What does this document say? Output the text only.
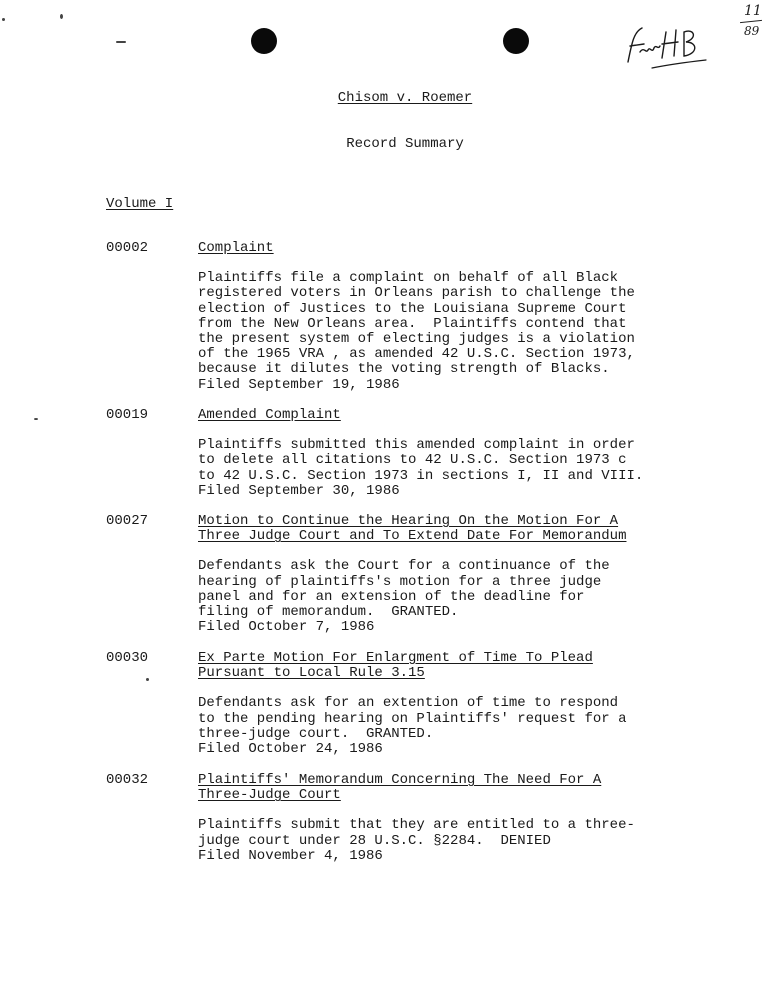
11
89
Chisom v. Roemer
Record Summary
Volume I
00002	Complaint
Plaintiffs file a complaint on behalf of all Black
registered voters in Orleans parish to challenge the
election of Justices to the Louisiana Supreme Court
from the New Orleans area.  Plaintiffs contend that
the present system of electing judges is a violation
of the 1965 VRA , as amended 42 U.S.C. Section 1973,
because it dilutes the voting strength of Blacks.
Filed September 19, 1986
00019	Amended Complaint
Plaintiffs submitted this amended complaint in order
to delete all citations to 42 U.S.C. Section 1973 c
to 42 U.S.C. Section 1973 in sections I, II and VIII.
Filed September 30, 1986
00027	Motion to Continue the Hearing On the Motion For A
Three Judge Court and To Extend Date For Memorandum
Defendants ask the Court for a continuance of the
hearing of plaintiffs's motion for a three judge
panel and for an extension of the deadline for
filing of memorandum.  GRANTED.
Filed October 7, 1986
00030	Ex Parte Motion For Enlargment of Time To Plead
Pursuant to Local Rule 3.15
Defendants ask for an extention of time to respond
to the pending hearing on Plaintiffs' request for a
three-judge court.  GRANTED.
Filed October 24, 1986
00032	Plaintiffs' Memorandum Concerning The Need For A
Three-Judge Court
Plaintiffs submit that they are entitled to a three-
judge court under 28 U.S.C. §2284.  DENIED
Filed November 4, 1986
